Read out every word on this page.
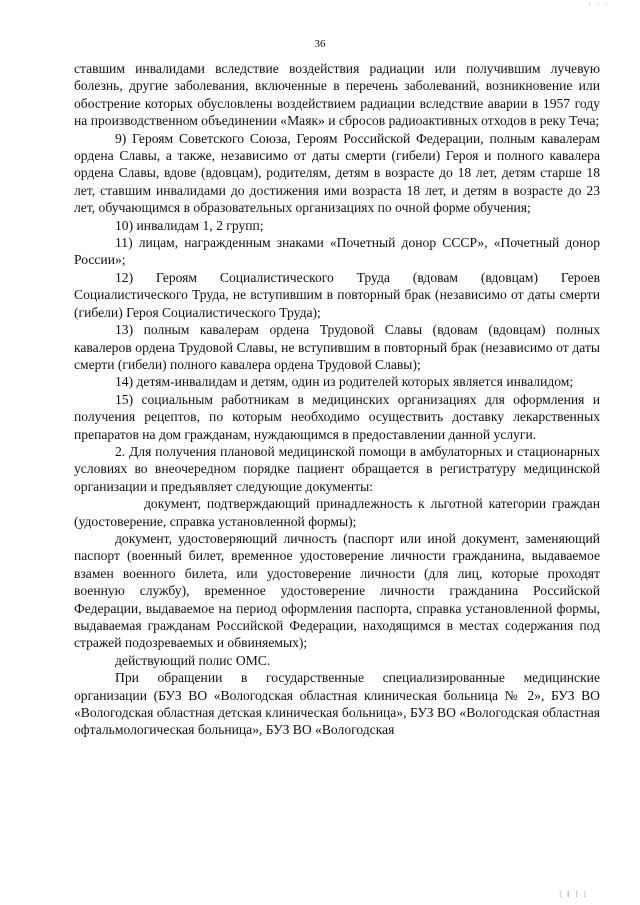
· · ·
36

ставшим инвалидами вследствие воздействия радиации или получившим лучевую болезнь, другие заболевания, включенные в перечень заболеваний, возникновение или обострение которых обусловлены воздействием радиации вследствие аварии в 1957 году на производственном объединении «Маяк» и сбросов радиоактивных отходов в реку Теча;

9) Героям Советского Союза, Героям Российской Федерации, полным кавалерам ордена Славы, а также, независимо от даты смерти (гибели) Героя и полного кавалера ордена Славы, вдове (вдовцам), родителям, детям в возрасте до 18 лет, детям старше 18 лет, ставшим инвалидами до достижения ими возраста 18 лет, и детям в возрасте до 23 лет, обучающимся в образовательных организациях по очной форме обучения;

10) инвалидам 1, 2 групп;

11) лицам, награжденным знаками «Почетный донор СССР», «Почетный донор России»;

12) Героям Социалистического Труда (вдовам (вдовцам) Героев Социалистического Труда, не вступившим в повторный брак (независимо от даты смерти (гибели) Героя Социалистического Труда);

13) полным кавалерам ордена Трудовой Славы (вдовам (вдовцам) полных кавалеров ордена Трудовой Славы, не вступившим в повторный брак (независимо от даты смерти (гибели) полного кавалера ордена Трудовой Славы);

14) детям-инвалидам и детям, один из родителей которых является инвалидом;

15) социальным работникам в медицинских организациях для оформления и получения рецептов, по которым необходимо осуществить доставку лекарственных препаратов на дом гражданам, нуждающимся в предоставлении данной услуги.

2. Для получения плановой медицинской помощи в амбулаторных и стационарных условиях во внеочередном порядке пациент обращается в регистратуру медицинской организации и предъявляет следующие документы:

документ, подтверждающий принадлежность к льготной категории граждан (удостоверение, справка установленной формы);

документ, удостоверяющий личность (паспорт или иной документ, заменяющий паспорт (военный билет, временное удостоверение личности гражданина, выдаваемое взамен военного билета, или удостоверение личности (для лиц, которые проходят военную службу), временное удостоверение личности гражданина Российской Федерации, выдаваемое на период оформления паспорта, справка установленной формы, выдаваемая гражданам Российской Федерации, находящимся в местах содержания под стражей подозреваемых и обвиняемых);

действующий полис ОМС.

При обращении в государственные специализированные медицинские организации (БУЗ ВО «Вологодская областная клиническая больница № 2», БУЗ ВО «Вологодская областная детская клиническая больница», БУЗ ВО «Вологодская областная офтальмологическая больница», БУЗ ВО «Вологодская

⁞ ‖ ⁞ ⁞
